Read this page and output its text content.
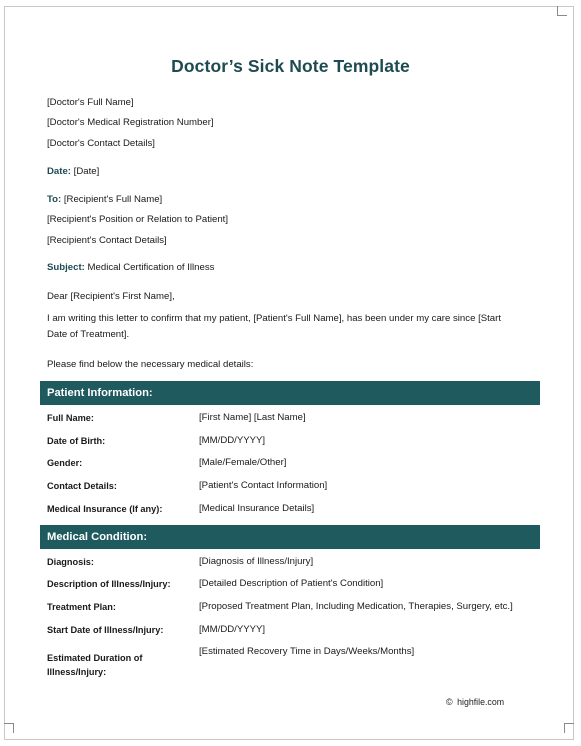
Doctor’s Sick Note Template
[Doctor's Full Name]
[Doctor's Medical Registration Number]
[Doctor's Contact Details]
Date: [Date]
To: [Recipient's Full Name]
[Recipient's Position or Relation to Patient]
[Recipient's Contact Details]
Subject: Medical Certification of Illness
Dear [Recipient's First Name],
I am writing this letter to confirm that my patient, [Patient's Full Name], has been under my care since [Start
Date of Treatment].
Please find below the necessary medical details:
Patient Information:
Full Name:	[First Name] [Last Name]
Date of Birth:	[MM/DD/YYYY]
Gender:	[Male/Female/Other]
Contact Details:	[Patient's Contact Information]
Medical Insurance (If any):	[Medical Insurance Details]
Medical Condition:
Diagnosis:	[Diagnosis of Illness/Injury]
Description of Illness/Injury:	[Detailed Description of Patient's Condition]
Treatment Plan:	[Proposed Treatment Plan, Including Medication, Therapies, Surgery, etc.]
Start Date of Illness/Injury:	[MM/DD/YYYY]
Estimated Duration of
Illness/Injury:
[Estimated Recovery Time in Days/Weeks/Months]
© highfile.com
